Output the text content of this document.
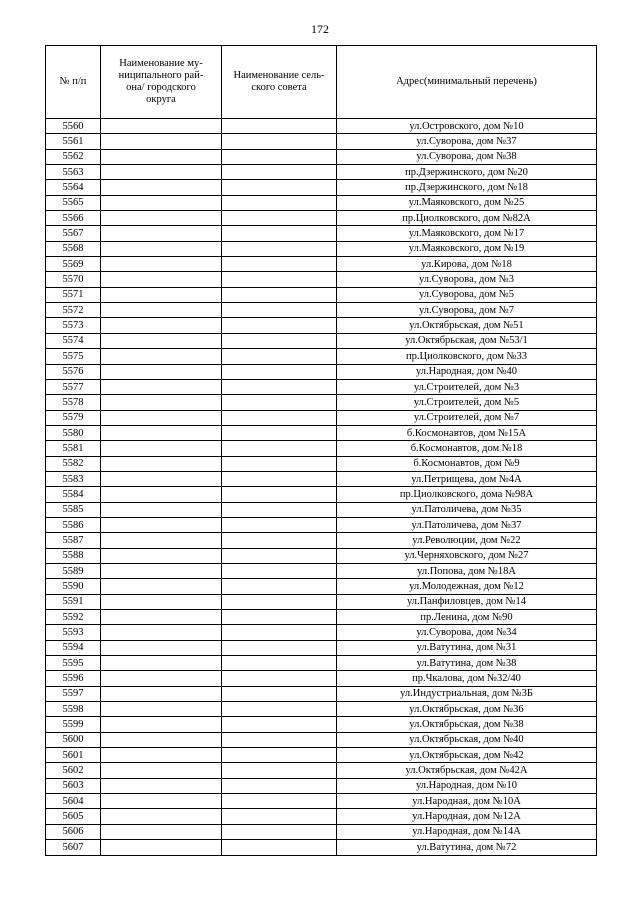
172
№ п/п	Наименование му-
ниципального рай-
она/ городского
округа	Наименование сель-
ского совета	Адрес(минимальный перечень)
5560			ул.Островского, дом №10
5561			ул.Суворова, дом №37
5562			ул.Суворова, дом №38
5563			пр.Дзержинского, дом №20
5564			пр.Дзержинского, дом №18
5565			ул.Маяковского, дом №25
5566			пр.Циолковского, дом №82А
5567			ул.Маяковского, дом №17
5568			ул.Маяковского, дом №19
5569			ул.Кирова, дом №18
5570			ул.Суворова, дом №3
5571			ул.Суворова, дом №5
5572			ул.Суворова, дом №7
5573			ул.Октябрьская, дом №51
5574			ул.Октябрьская, дом №53/1
5575			пр.Циолковского, дом №33
5576			ул.Народная, дом №40
5577			ул.Строителей, дом №3
5578			ул.Строителей, дом №5
5579			ул.Строителей, дом №7
5580			б.Космонавтов, дом №15А
5581			б.Космонавтов, дом №18
5582			б.Космонавтов, дом №9
5583			ул.Петрищева, дом №4А
5584			пр.Циолковского, дома №98А
5585			ул.Патоличева, дом №35
5586			ул.Патоличева, дом №37
5587			ул.Революции, дом №22
5588			ул.Черняховского, дом №27
5589			ул.Попова, дом №18А
5590			ул.Молодежная, дом №12
5591			ул.Панфиловцев, дом №14
5592			пр.Ленина, дом №90
5593			ул.Суворова, дом №34
5594			ул.Ватутина, дом №31
5595			ул.Ватутина, дом №38
5596			пр.Чкалова, дом №32/40
5597			ул.Индустриальная, дом №3Б
5598			ул.Октябрьская, дом №36
5599			ул.Октябрьская, дом №38
5600			ул.Октябрьская, дом №40
5601			ул.Октябрьская, дом №42
5602			ул.Октябрьская, дом №42А
5603			ул.Народная, дом №10
5604			ул.Народная, дом №10А
5605			ул.Народная, дом №12А
5606			ул.Народная, дом №14А
5607			ул.Ватутина, дом №72
